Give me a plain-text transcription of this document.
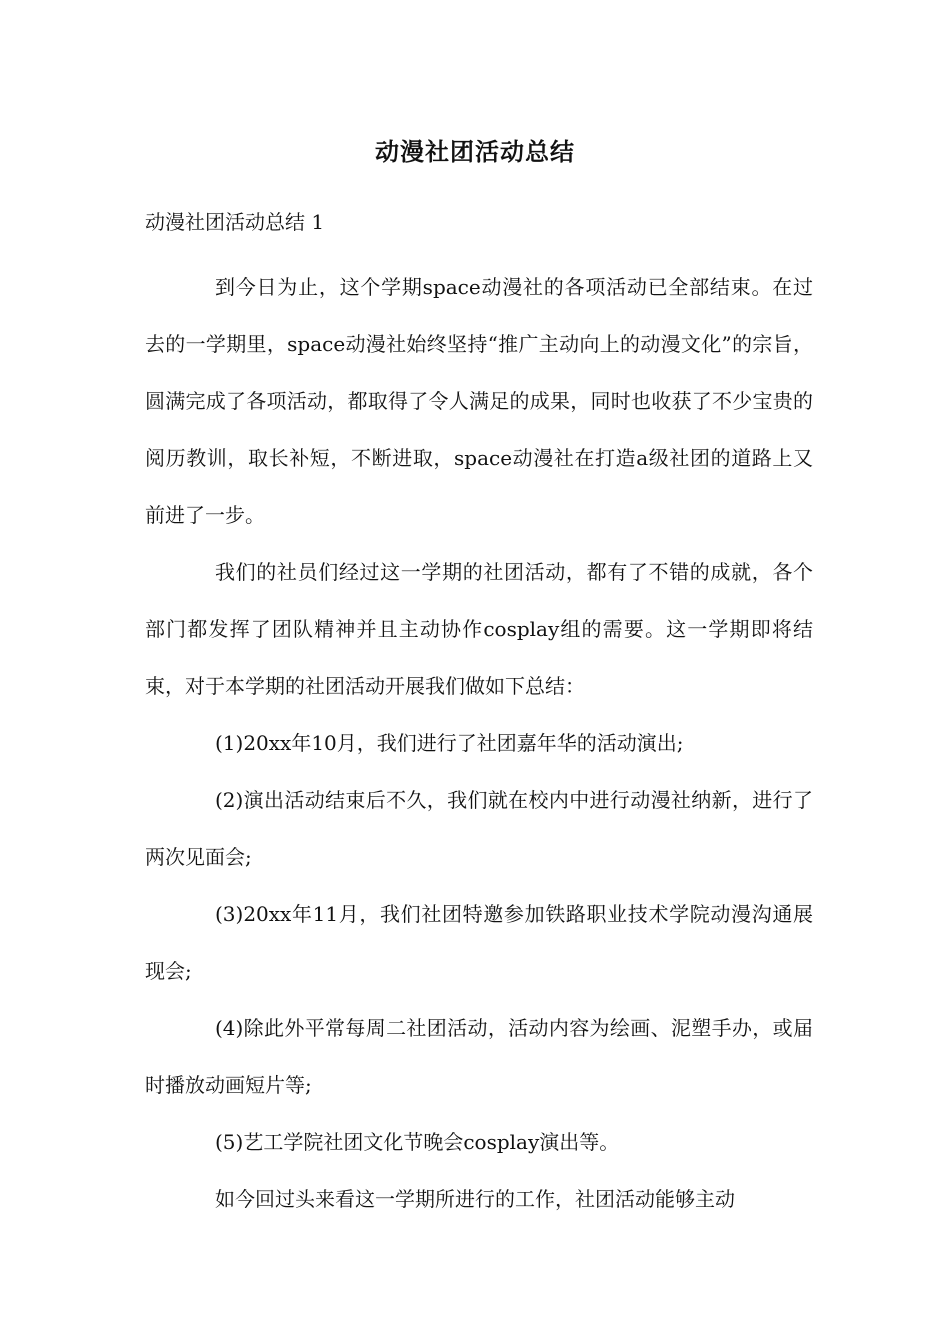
动漫社团活动总结

动漫社团活动总结 1

到今日为止，这个学期space动漫社的各项活动已全部结束。在过去的一学期里，space动漫社始终坚持“推广主动向上的动漫文化”的宗旨，圆满完成了各项活动，都取得了令人满足的成果，同时也收获了不少宝贵的阅历教训，取长补短，不断进取，space动漫社在打造a级社团的道路上又前进了一步。

我们的社员们经过这一学期的社团活动，都有了不错的成就，各个部门都发挥了团队精神并且主动协作cosplay组的需要。这一学期即将结束，对于本学期的社团活动开展我们做如下总结：

(1)20xx年10月，我们进行了社团嘉年华的活动演出;

(2)演出活动结束后不久，我们就在校内中进行动漫社纳新，进行了两次见面会;

(3)20xx年11月，我们社团特邀参加铁路职业技术学院动漫沟通展现会;

(4)除此外平常每周二社团活动，活动内容为绘画、泥塑手办，或届时播放动画短片等;

(5)艺工学院社团文化节晚会cosplay演出等。

如今回过头来看这一学期所进行的工作，社团活动能够主动
